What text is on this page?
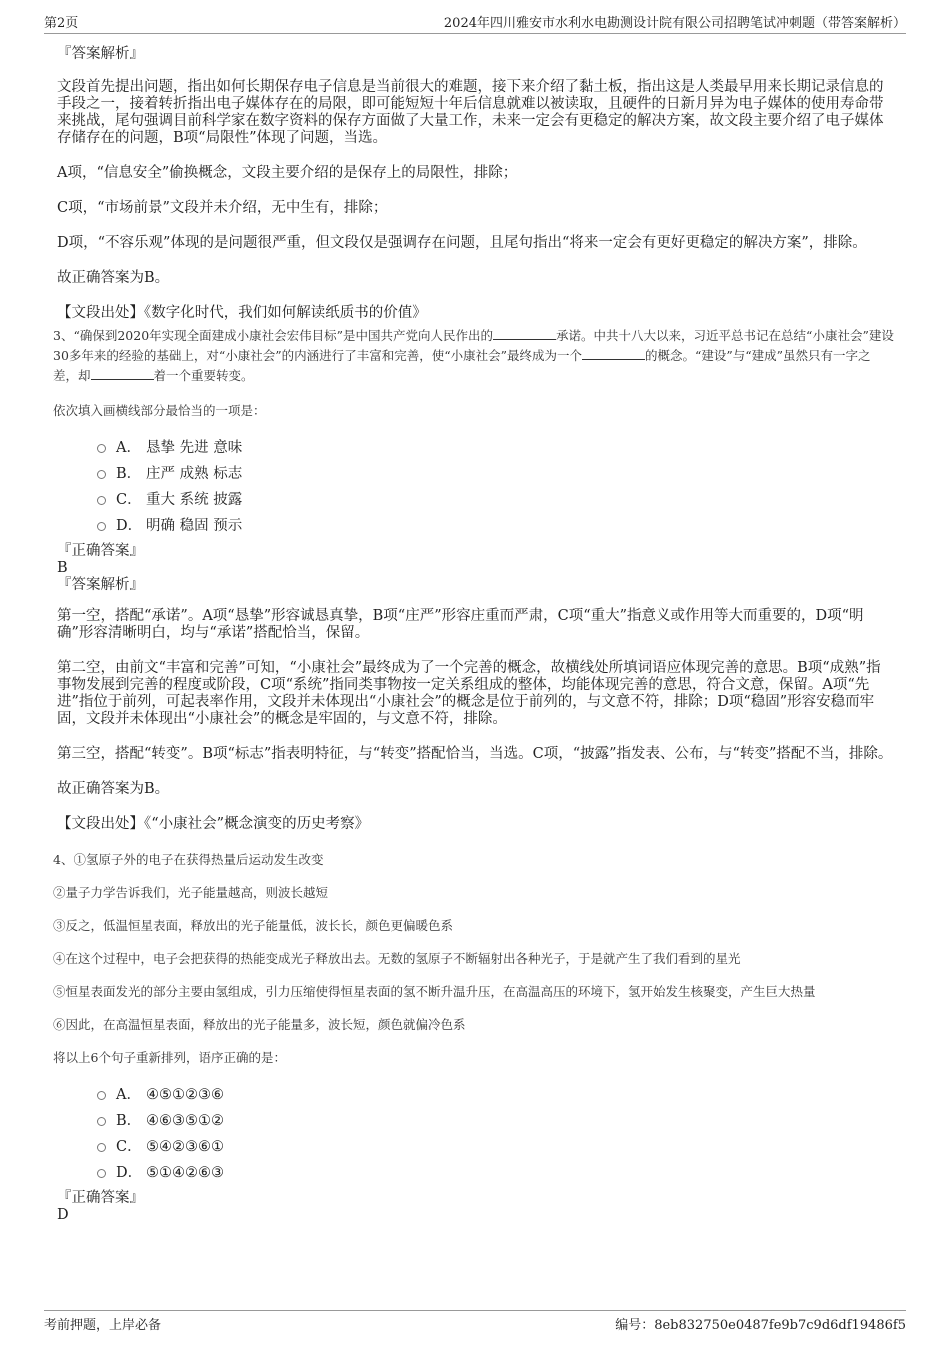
第2页	2024年四川雅安市水利水电勘测设计院有限公司招聘笔试冲刺题（带答案解析）

『答案解析』

文段首先提出问题，指出如何长期保存电子信息是当前很大的难题，接下来介绍了黏土板，指出这是人类最早用来长期记录信息的手段之一，接着转折指出电子媒体存在的局限，即可能短短十年后信息就难以被读取，且硬件的日新月异为电子媒体的使用寿命带来挑战，尾句强调目前科学家在数字资料的保存方面做了大量工作，未来一定会有更稳定的解决方案，故文段主要介绍了电子媒体存储存在的问题，B项“局限性”体现了问题，当选。

A项，“信息安全”偷换概念，文段主要介绍的是保存上的局限性，排除；

C项，“市场前景”文段并未介绍，无中生有，排除；

D项，“不容乐观”体现的是问题很严重，但文段仅是强调存在问题，且尾句指出“将来一定会有更好更稳定的解决方案”，排除。

故正确答案为B。

【文段出处】《数字化时代，我们如何解读纸质书的价值》

3、“确保到2020年实现全面建成小康社会宏伟目标”是中国共产党向人民作出的	承诺。中共十八大以来，习近平总书记在总结“小康社会”建设30多年来的经验的基础上，对“小康社会”的内涵进行了丰富和完善，使“小康社会”最终成为一个	的概念。“建设”与“建成”虽然只有一字之差，却	着一个重要转变。

依次填入画横线部分最恰当的一项是：

A． 恳挚 先进 意味
B． 庄严 成熟 标志
C． 重大 系统 披露
D． 明确 稳固 预示

『正确答案』

B

『答案解析』

第一空，搭配“承诺”。A项“恳挚”形容诚恳真挚，B项“庄严”形容庄重而严肃，C项“重大”指意义或作用等大而重要的，D项“明确”形容清晰明白，均与“承诺”搭配恰当，保留。

第二空，由前文“丰富和完善”可知，“小康社会”最终成为了一个完善的概念，故横线处所填词语应体现完善的意思。B项“成熟”指事物发展到完善的程度或阶段，C项“系统”指同类事物按一定关系组成的整体，均能体现完善的意思，符合文意，保留。A项“先进”指位于前列，可起表率作用，文段并未体现出“小康社会”的概念是位于前列的，与文意不符，排除；D项“稳固”形容安稳而牢固，文段并未体现出“小康社会”的概念是牢固的，与文意不符，排除。

第三空，搭配“转变”。B项“标志”指表明特征，与“转变”搭配恰当，当选。C项，“披露”指发表、公布，与“转变”搭配不当，排除。

故正确答案为B。

【文段出处】《“小康社会”概念演变的历史考察》

4、①氢原子外的电子在获得热量后运动发生改变

②量子力学告诉我们，光子能量越高，则波长越短

③反之，低温恒星表面，释放出的光子能量低，波长长，颜色更偏暖色系

④在这个过程中，电子会把获得的热能变成光子释放出去。无数的氢原子不断辐射出各种光子，于是就产生了我们看到的星光

⑤恒星表面发光的部分主要由氢组成，引力压缩使得恒星表面的氢不断升温升压，在高温高压的环境下，氢开始发生核聚变，产生巨大热量

⑥因此，在高温恒星表面，释放出的光子能量多，波长短，颜色就偏冷色系

将以上6个句子重新排列，语序正确的是：

A． ④⑤①②③⑥
B． ④⑥③⑤①②
C． ⑤④②③⑥①
D． ⑤①④②⑥③

『正确答案』

D

考前押题，上岸必备	编号：8eb832750e0487fe9b7c9d6df19486f5
